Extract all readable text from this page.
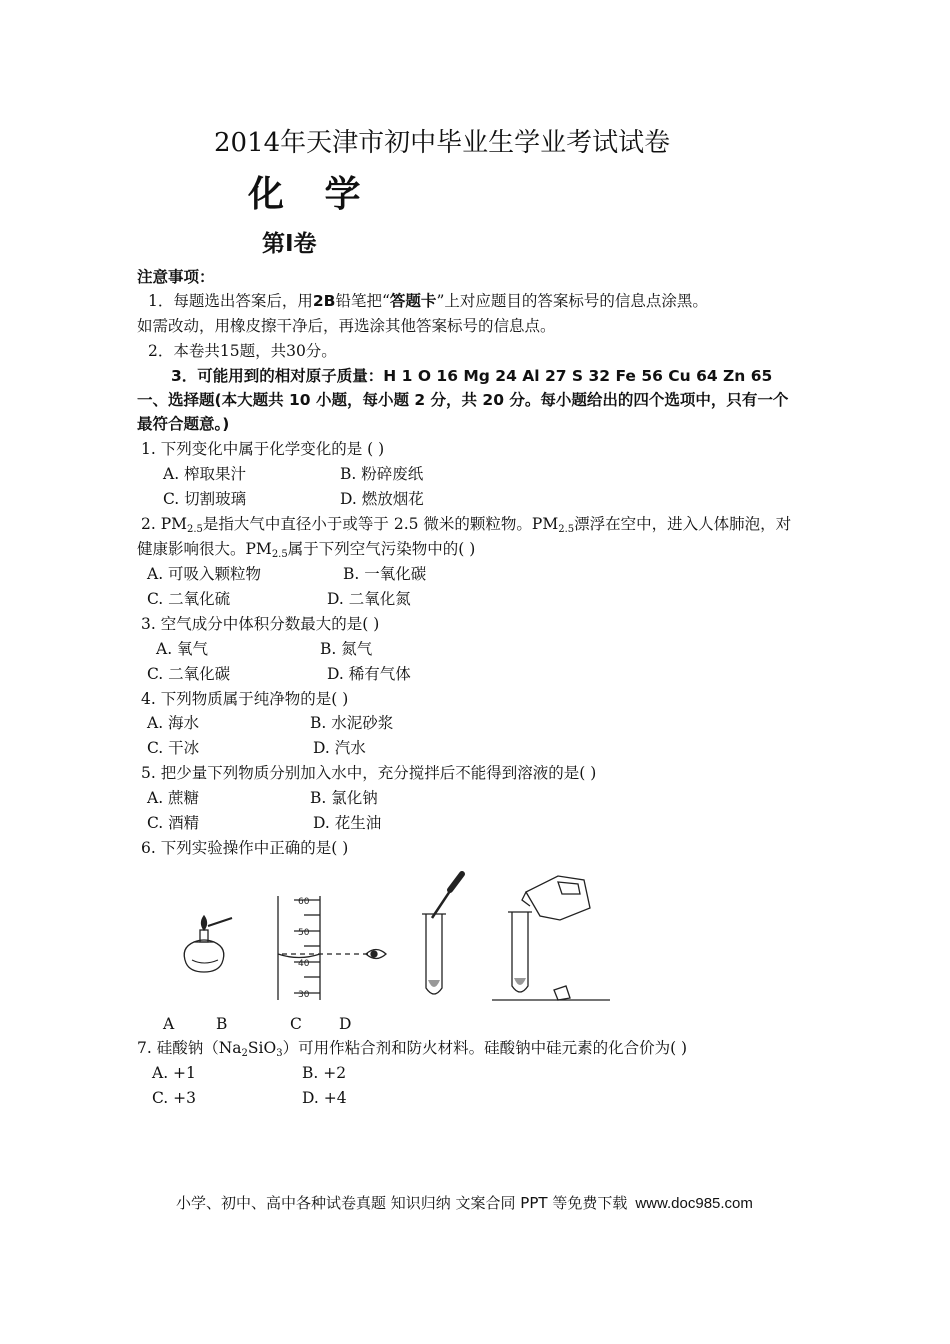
2014年天津市初中毕业生学业考试试卷
化 学
第Ⅰ卷
注意事项：
1．每题选出答案后，用2B铅笔把“答题卡”上对应题目的答案标号的信息点涂黑。
如需改动，用橡皮擦干净后，再选涂其他答案标号的信息点。
2．本卷共15题，共30分。
3．可能用到的相对原子质量：H 1 O 16 Mg 24 Al 27 S 32 Fe 56 Cu 64 Zn 65
一、选择题(本大题共 10 小题，每小题 2 分，共 20 分。每小题给出的四个选项中，只有一个
最符合题意。)
1. 下列变化中属于化学变化的是 ( )
A. 榨取果汁	B. 粉碎废纸
C. 切割玻璃	D. 燃放烟花
2. $PM_{2.5}$是指大气中直径小于或等于 2.5 微米的颗粒物。$PM_{2.5}$漂浮在空中，进入人体肺泡，对
健康影响很大。$PM_{2.5}$属于下列空气污染物中的( )
A. 可吸入颗粒物	B. 一氧化碳
C. 二氧化硫	D. 二氧化氮
3. 空气成分中体积分数最大的是( )
A. 氧气	B. 氮气
C. 二氧化碳	D. 稀有气体
4. 下列物质属于纯净物的是( )
A. 海水	B. 水泥砂浆
C. 干冰	D. 汽水
5. 把少量下列物质分别加入水中，充分搅拌后不能得到溶液的是( )
A. 蔗糖	B. 氯化钠
C. 酒精	D. 花生油
6. 下列实验操作中正确的是( )
60
50
40
30
A	B	C D
7. 硅酸钠$(Na_2SiO_3)$可用作粘合剂和防火材料。硅酸钠中硅元素的化合价为( )
A. +1	B. +2
C. +3	D. +4
小学、初中、高中各种试卷真题 知识归纳 文案合同 PPT 等免费下载 www.doc985.com
